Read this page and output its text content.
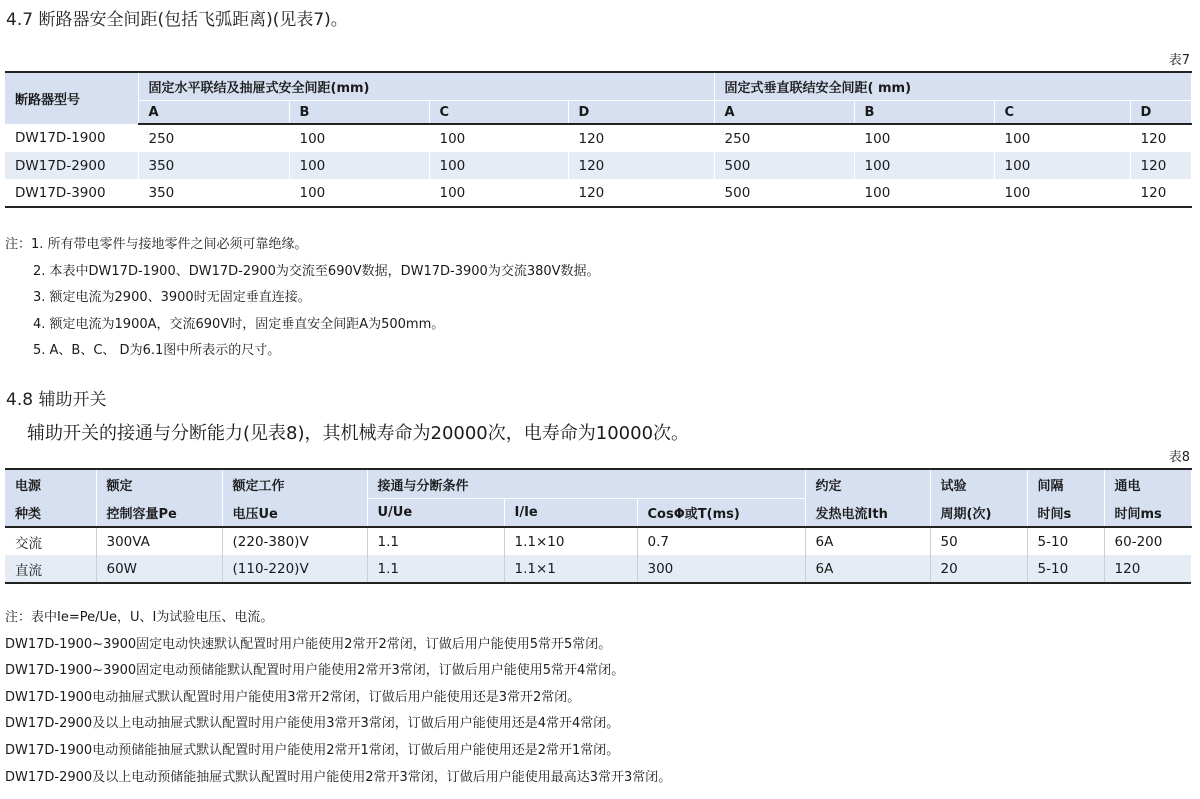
4.7 断路器安全间距(包括飞弧距离)(见表7)。
表7
断路器型号	固定水平联结及抽屉式安全间距(mm)				固定式垂直联结安全间距( mm)			
	A	B	C	D	A	B	C	D
DW17D-1900	250	100	100	120	250	100	100	120
DW17D-2900	350	100	100	120	500	100	100	120
DW17D-3900	350	100	100	120	500	100	100	120
注：1. 所有带电零件与接地零件之间必须可靠绝缘。
2. 本表中DW17D-1900、DW17D-2900为交流至690V数据，DW17D-3900为交流380V数据。
3. 额定电流为2900、3900时无固定垂直连接。
4. 额定电流为1900A，交流690V时，固定垂直安全间距A为500mm。
5. A、B、C、 D为6.1图中所表示的尺寸。
4.8 辅助开关
辅助开关的接通与分断能力(见表8)，其机械寿命为20000次，电寿命为10000次。
表8
电源	额定	额定工作	接通与分断条件			约定	试验	间隔	通电
种类	控制容量Pe	电压Ue	U/Ue	I/Ie	CosΦ或T(ms)	发热电流Ith	周期(次)	时间s	时间ms
交流	300VA	(220-380)V	1.1	1.1×10	0.7	6A	50	5-10	60-200
直流	60W	(110-220)V	1.1	1.1×1	300	6A	20	5-10	120
注：表中Ie=Pe/Ue，U、I为试验电压、电流。
DW17D-1900~3900固定电动快速默认配置时用户能使用2常开2常闭，订做后用户能使用5常开5常闭。
DW17D-1900~3900固定电动预储能默认配置时用户能使用2常开3常闭，订做后用户能使用5常开4常闭。
DW17D-1900电动抽屉式默认配置时用户能使用3常开2常闭，订做后用户能使用还是3常开2常闭。
DW17D-2900及以上电动抽屉式默认配置时用户能使用3常开3常闭，订做后用户能使用还是4常开4常闭。
DW17D-1900电动预储能抽屉式默认配置时用户能使用2常开1常闭，订做后用户能使用还是2常开1常闭。
DW17D-2900及以上电动预储能抽屉式默认配置时用户能使用2常开3常闭，订做后用户能使用最高达3常开3常闭。
